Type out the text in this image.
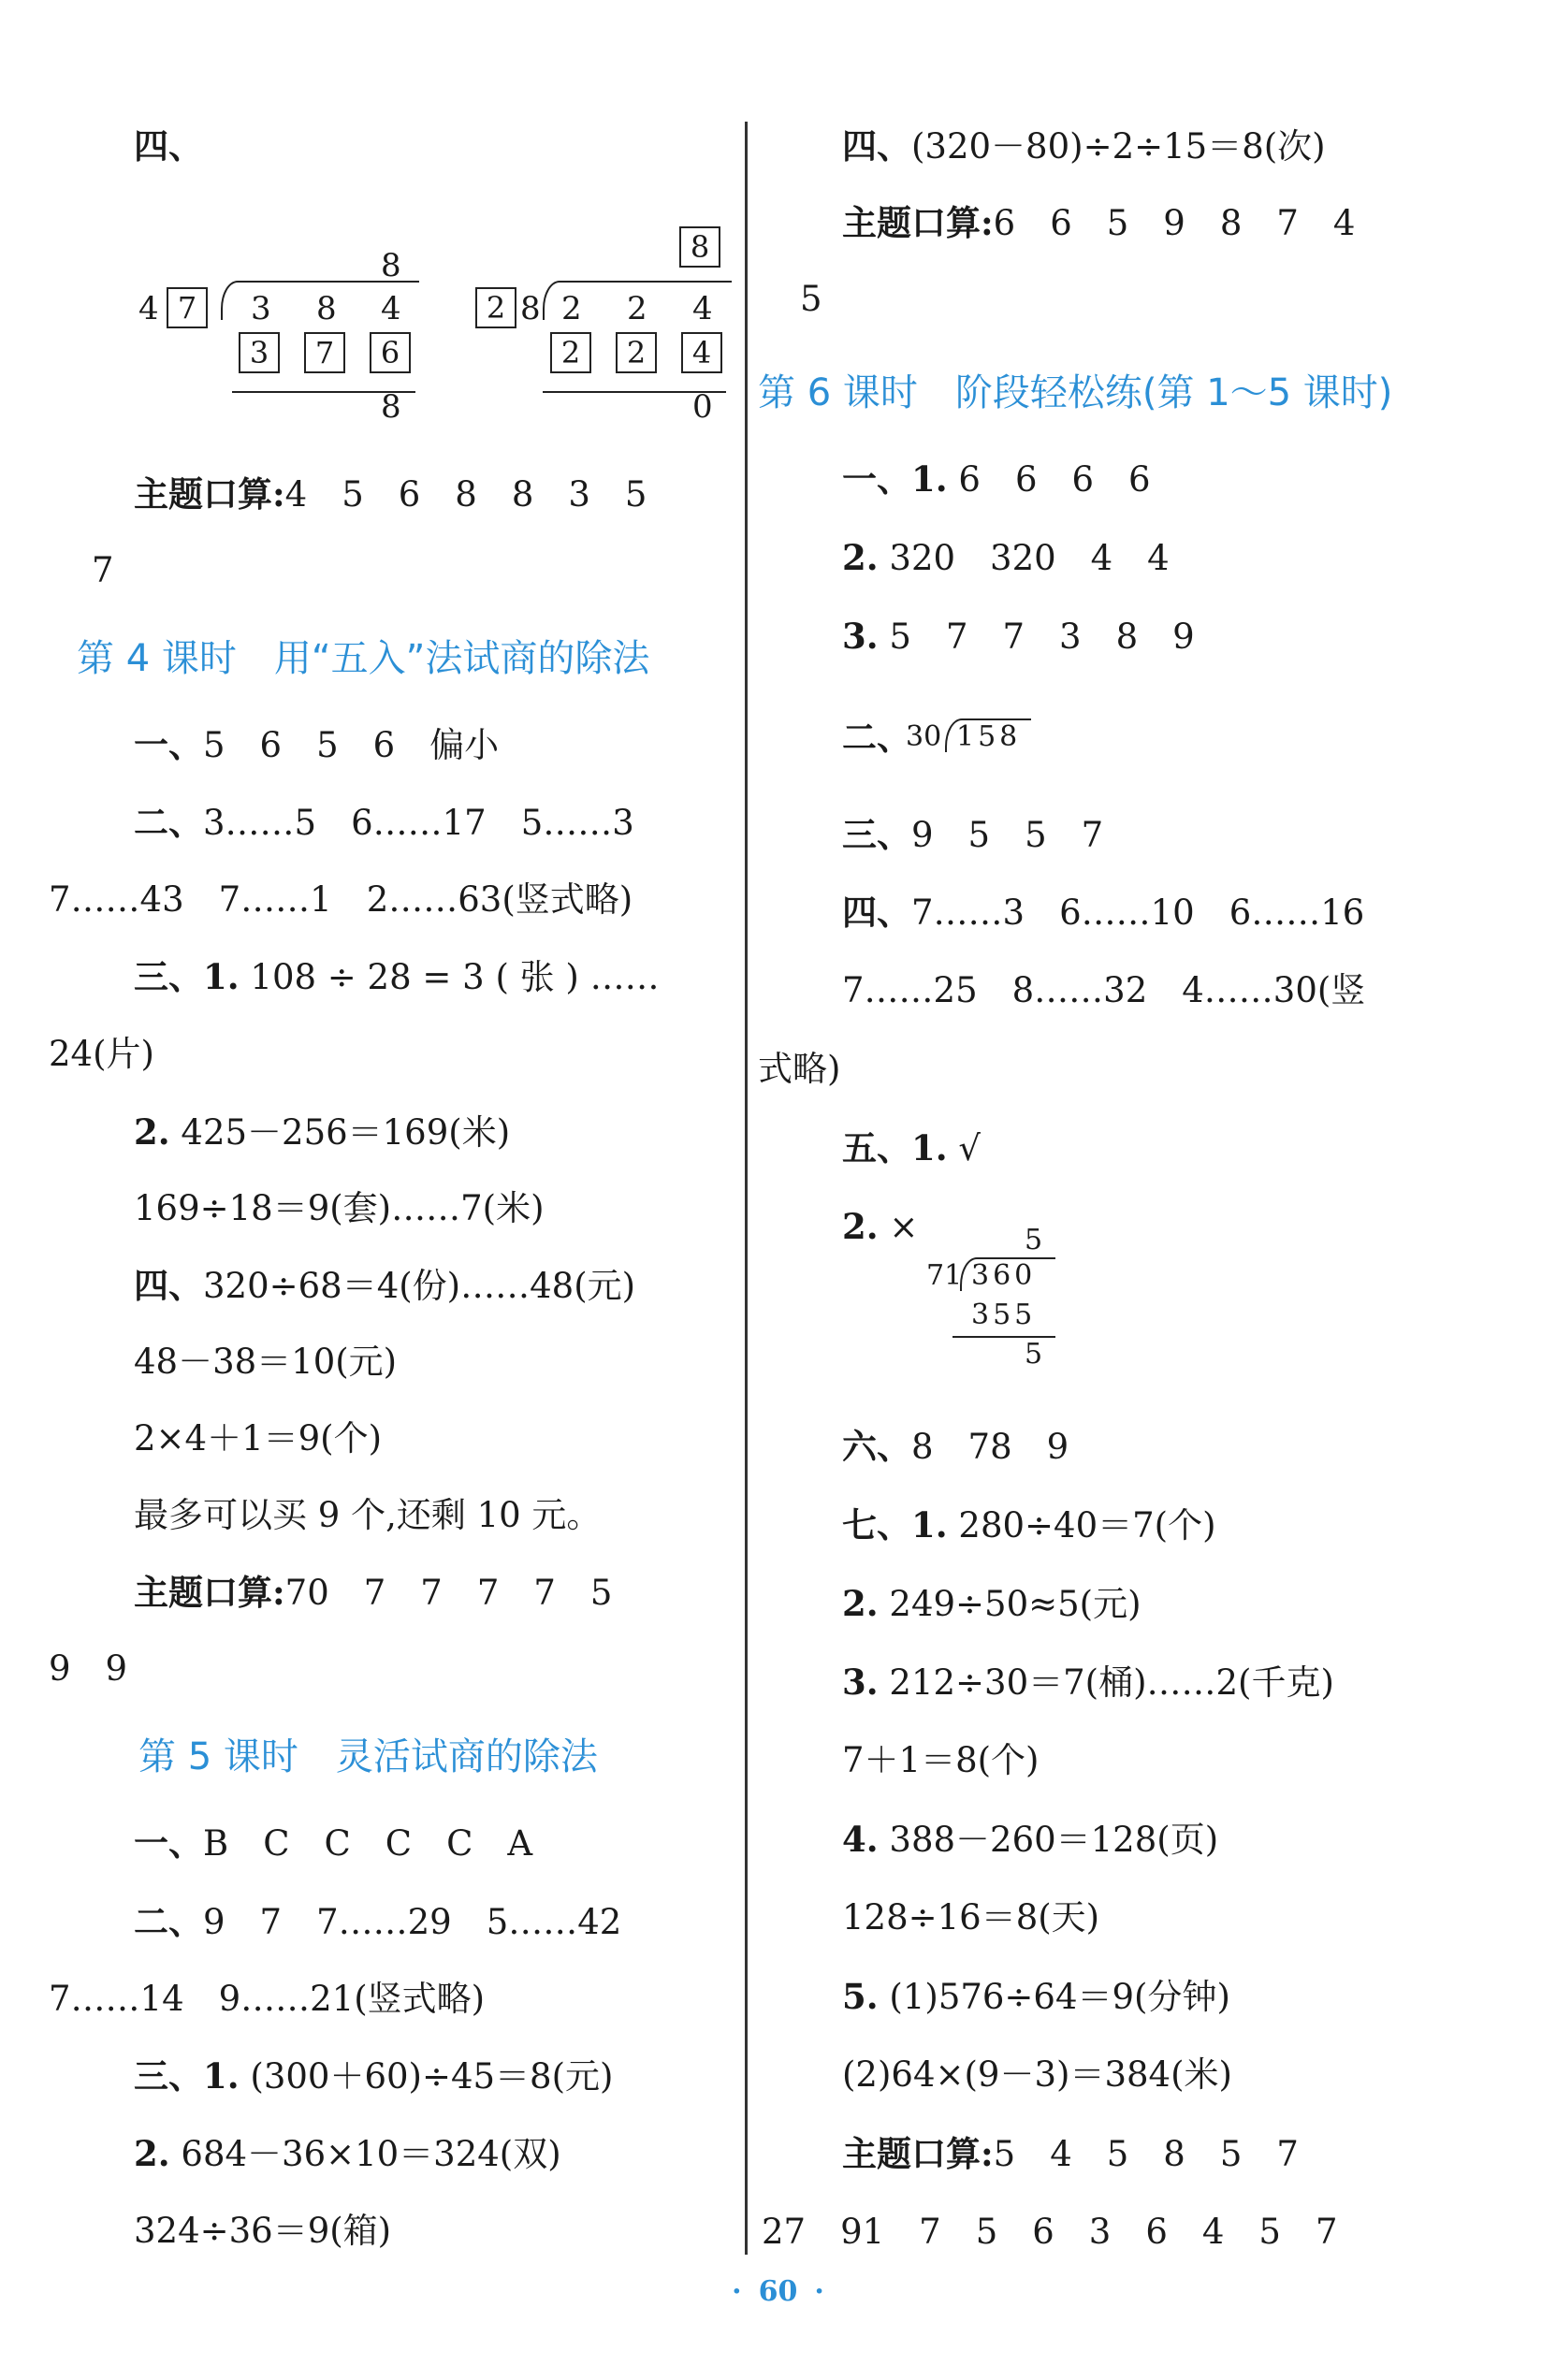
四、
8
4 7	3 8 4
3	7	6
8
8
2 8 2 2 4
2	2	4
0
主题口算:4　5　6　8　8　3　5
7
第 4 课时　用“五入”法试商的除法
一、5　6　5　6　偏小
二、3……5　6……17　5……3
7……43　7……1　2……63(竖式略)
三、1. 108 ÷ 28 = 3 ( 张 ) ……
24(片)
2. 425－256＝169(米)
169÷18＝9(套)……7(米)
四、320÷68＝4(份)……48(元)
48－38＝10(元)
2×4＋1＝9(个)
最多可以买 9 个,还剩 10 元。
主题口算:70　7　7　7　7　5
9　9
第 5 课时　灵活试商的除法
一、B　C　C　C　C　A
二、9　7　7……29　5……42
7……14　9……21(竖式略)
三、1. (300＋60)÷45＝8(元)
2. 684－36×10＝324(双)
324÷36＝9(箱)
四、(320－80)÷2÷15＝8(次)
主题口算:6　6　5　9　8　7　4
5
第 6 课时　阶段轻松练(第 1～5 课时)
一、1. 6　6　6　6
2. 320　320　4　4
3. 5　7　7　3　8　9
二、
30 158
三、9　5　5　7
四、7……3　6……10　6……16
7……25　8……32　4……30(竖
式略)
五、1. √
2. ×	5
71 360
355
5
六、8　78　9
七、1. 280÷40＝7(个)
2. 249÷50≈5(元)
3. 212÷30＝7(桶)……2(千克)
7＋1＝8(个)
4. 388－260＝128(页)
128÷16＝8(天)
5. (1)576÷64＝9(分钟)
(2)64×(9－3)＝384(米)
主题口算:5　4　5　8　5　7
27　91　7　5　6　3　6　4　5　7
· 60 ·
